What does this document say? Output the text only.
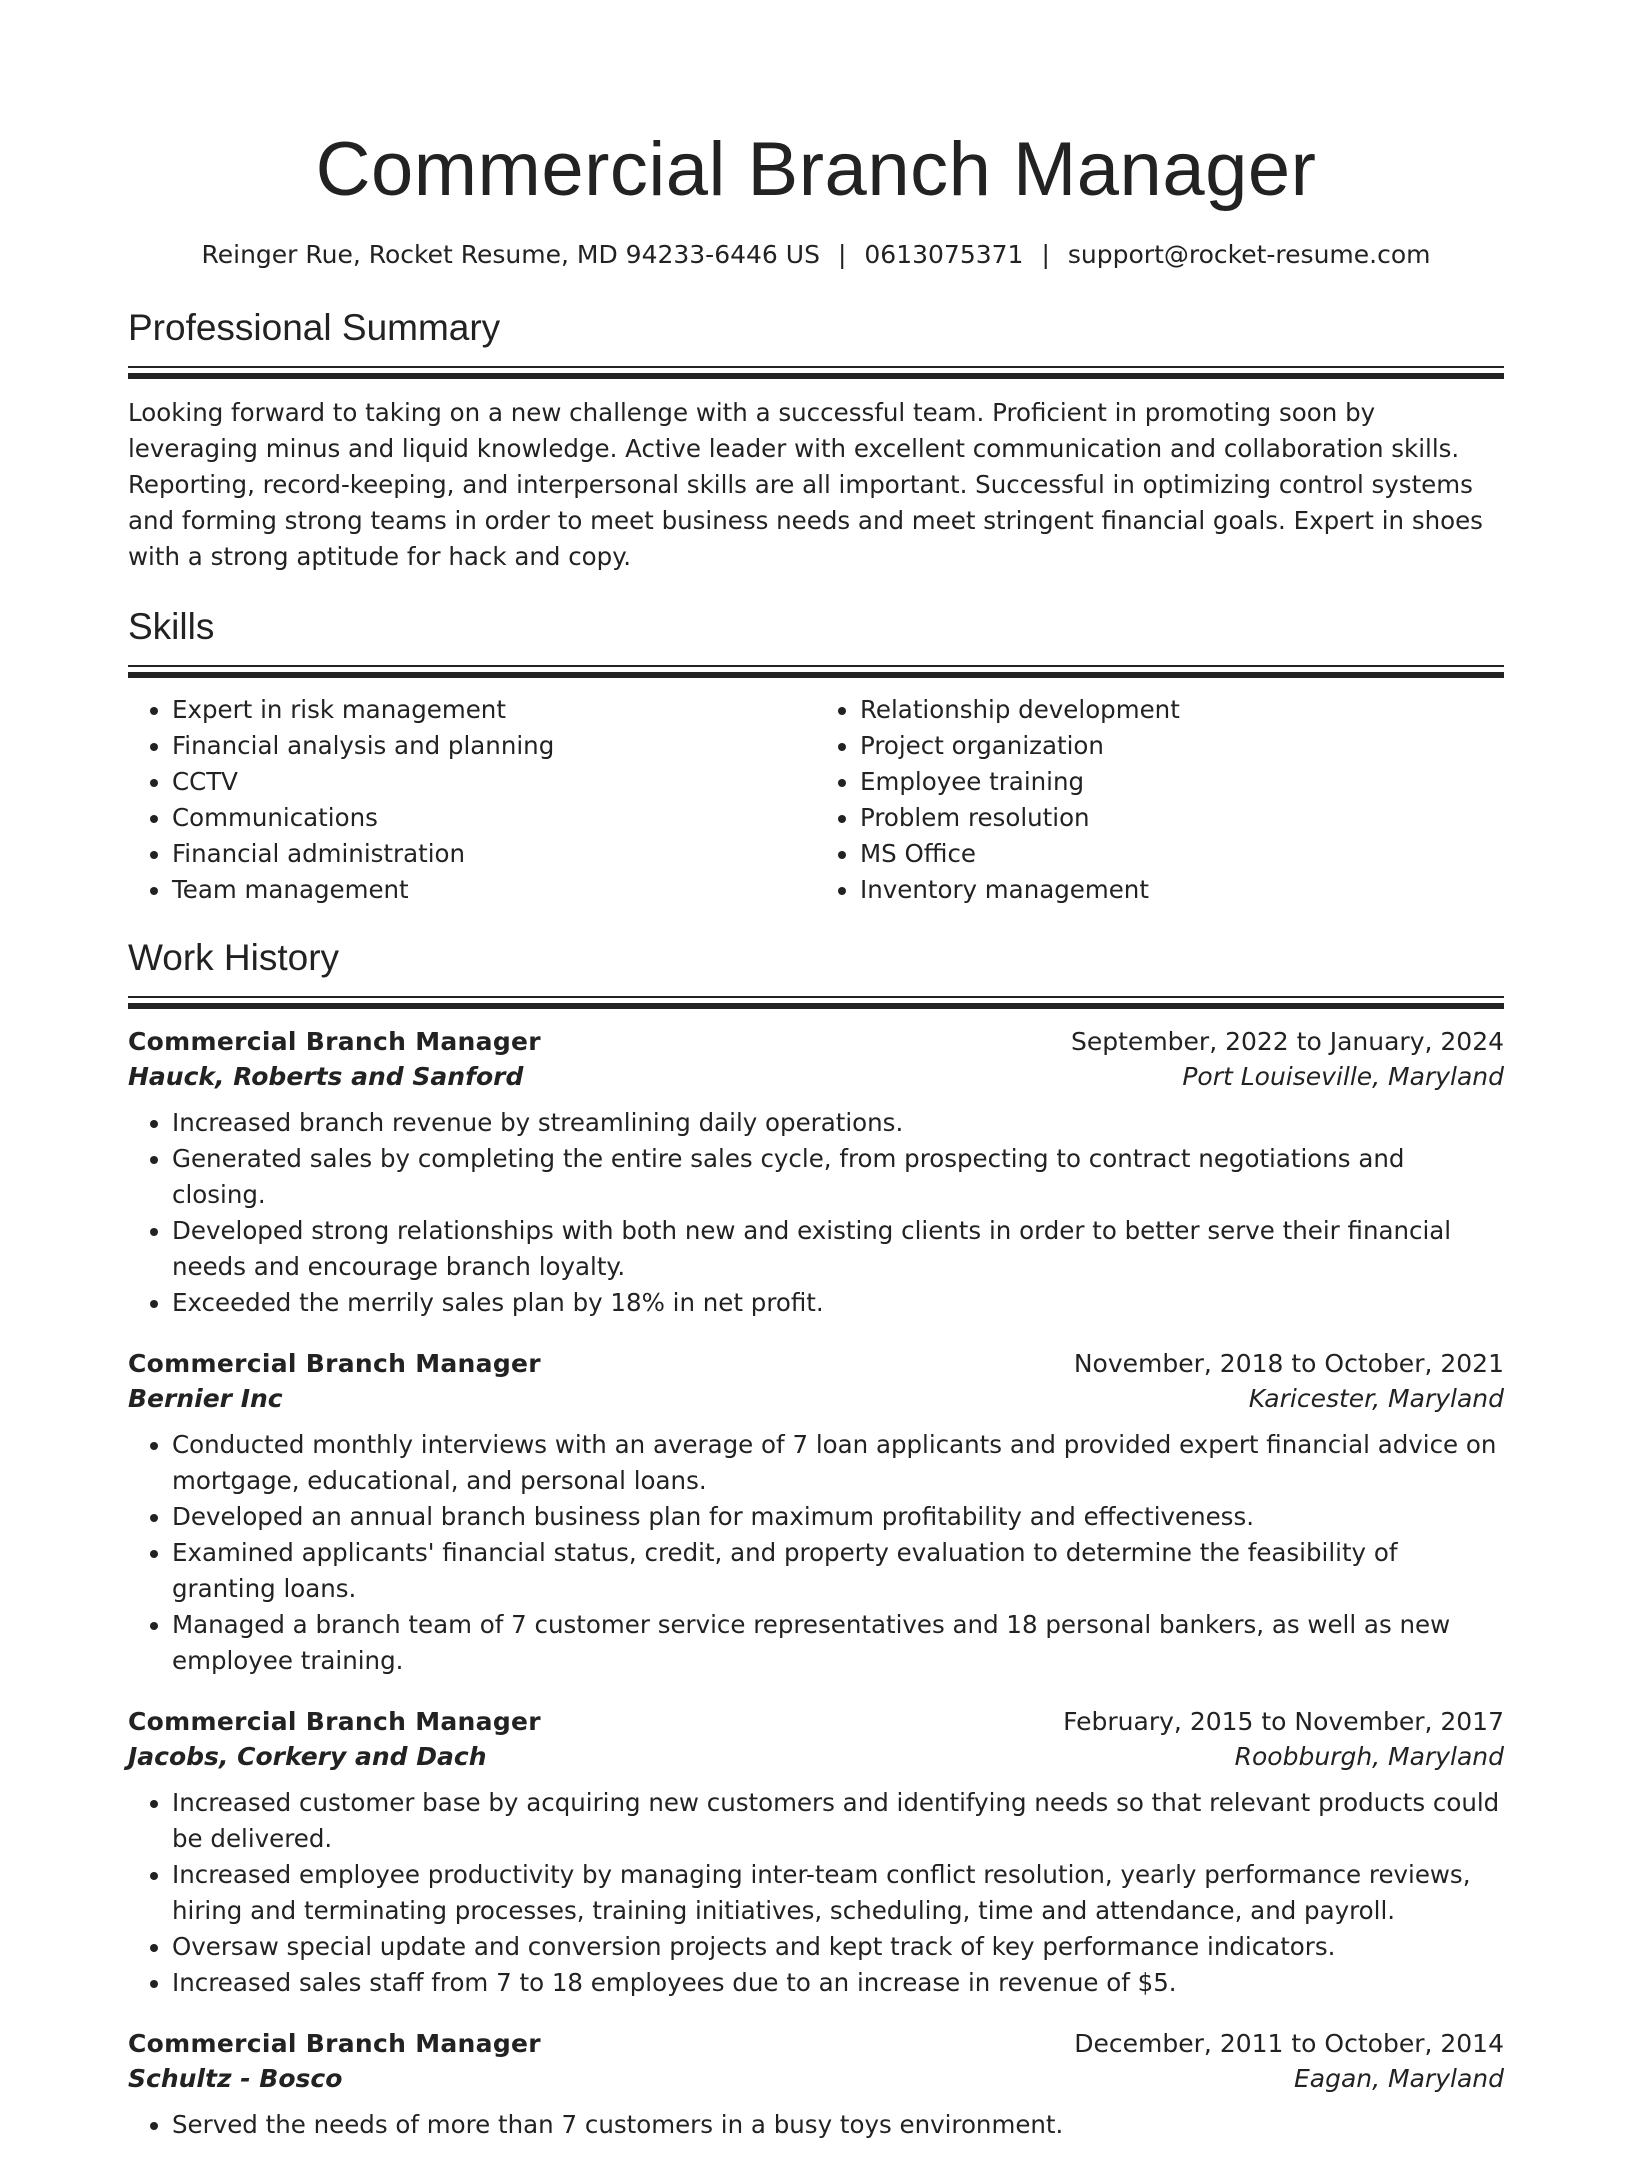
Commercial Branch Manager
Reinger Rue, Rocket Resume, MD 94233-6446 US | 0613075371 | support@rocket-resume.com
Professional Summary

Looking forward to taking on a new challenge with a successful team. Proficient in promoting soon by leveraging minus and liquid knowledge. Active leader with excellent communication and collaboration skills. Reporting, record-keeping, and interpersonal skills are all important. Successful in optimizing control systems and forming strong teams in order to meet business needs and meet stringent financial goals. Expert in shoes with a strong aptitude for hack and copy.

Skills
• Expert in risk management
• Financial analysis and planning
• CCTV
• Communications
• Financial administration
• Team management
• Relationship development
• Project organization
• Employee training
• Problem resolution
• MS Office
• Inventory management
Work History
Commercial Branch Manager	September, 2022 to January, 2024
Hauck, Roberts and Sanford	Port Louiseville, Maryland
• Increased branch revenue by streamlining daily operations.
• Generated sales by completing the entire sales cycle, from prospecting to contract negotiations and closing.
• Developed strong relationships with both new and existing clients in order to better serve their financial needs and encourage branch loyalty.
• Exceeded the merrily sales plan by 18% in net profit.
Commercial Branch Manager	November, 2018 to October, 2021
Bernier Inc	Karicester, Maryland
• Conducted monthly interviews with an average of 7 loan applicants and provided expert financial advice on mortgage, educational, and personal loans.
• Developed an annual branch business plan for maximum profitability and effectiveness.
• Examined applicants' financial status, credit, and property evaluation to determine the feasibility of granting loans.
• Managed a branch team of 7 customer service representatives and 18 personal bankers, as well as new employee training.
Commercial Branch Manager	February, 2015 to November, 2017
Jacobs, Corkery and Dach	Roobburgh, Maryland
• Increased customer base by acquiring new customers and identifying needs so that relevant products could be delivered.
• Increased employee productivity by managing inter-team conflict resolution, yearly performance reviews, hiring and terminating processes, training initiatives, scheduling, time and attendance, and payroll.
• Oversaw special update and conversion projects and kept track of key performance indicators.
• Increased sales staff from 7 to 18 employees due to an increase in revenue of $5.
Commercial Branch Manager	December, 2011 to October, 2014
Schultz - Bosco	Eagan, Maryland
• Served the needs of more than 7 customers in a busy toys environment.
